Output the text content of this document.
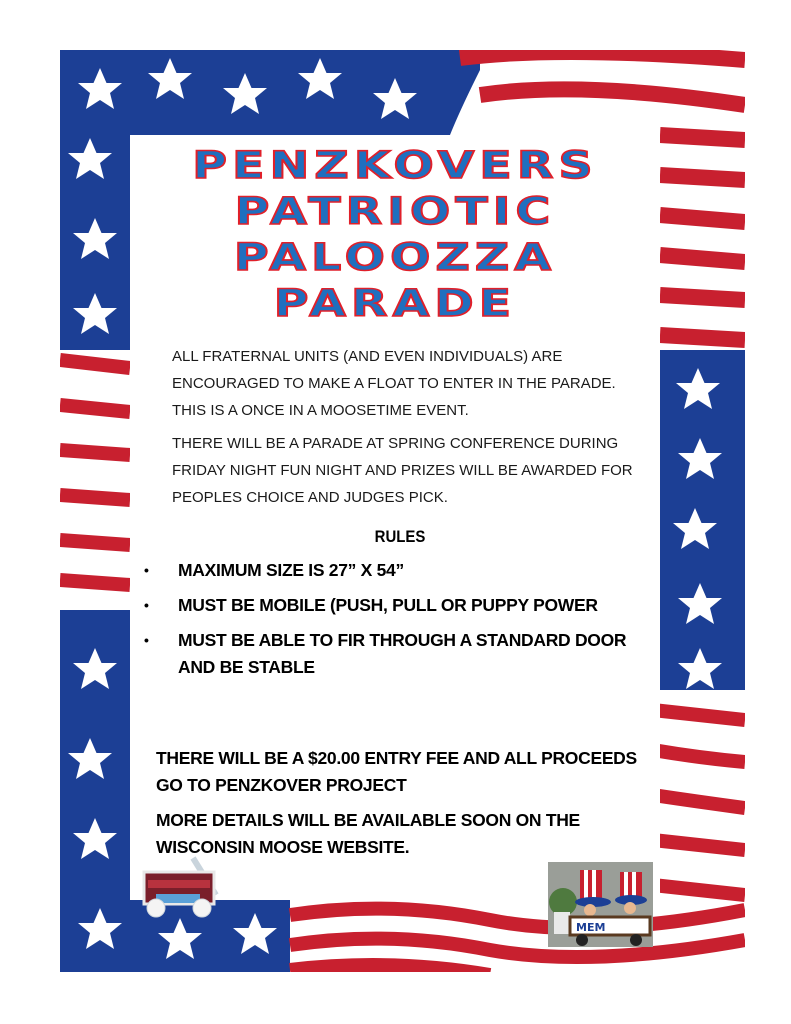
PENZKOVERS
PATRIOTIC
PALOOZZA
PARADE

ALL FRATERNAL UNITS (AND EVEN INDIVIDUALS) ARE ENCOURAGED TO MAKE A FLOAT TO ENTER IN THE PARADE. THIS IS A ONCE IN A MOOSETIME EVENT.

THERE WILL BE A PARADE AT SPRING CONFERENCE DURING FRIDAY NIGHT FUN NIGHT AND PRIZES WILL BE AWARDED FOR PEOPLES CHOICE AND JUDGES PICK.

RULES
• MAXIMUM SIZE IS 27” X 54”
• MUST BE MOBILE (PUSH, PULL OR PUPPY POWER
• MUST BE ABLE TO FIR THROUGH A STANDARD DOOR AND BE STABLE

THERE WILL BE A $20.00 ENTRY FEE AND ALL PROCEEDS GO TO PENZKOVER PROJECT

MORE DETAILS WILL BE AVAILABLE SOON ON THE WISCONSIN MOOSE WEBSITE.

MEM
